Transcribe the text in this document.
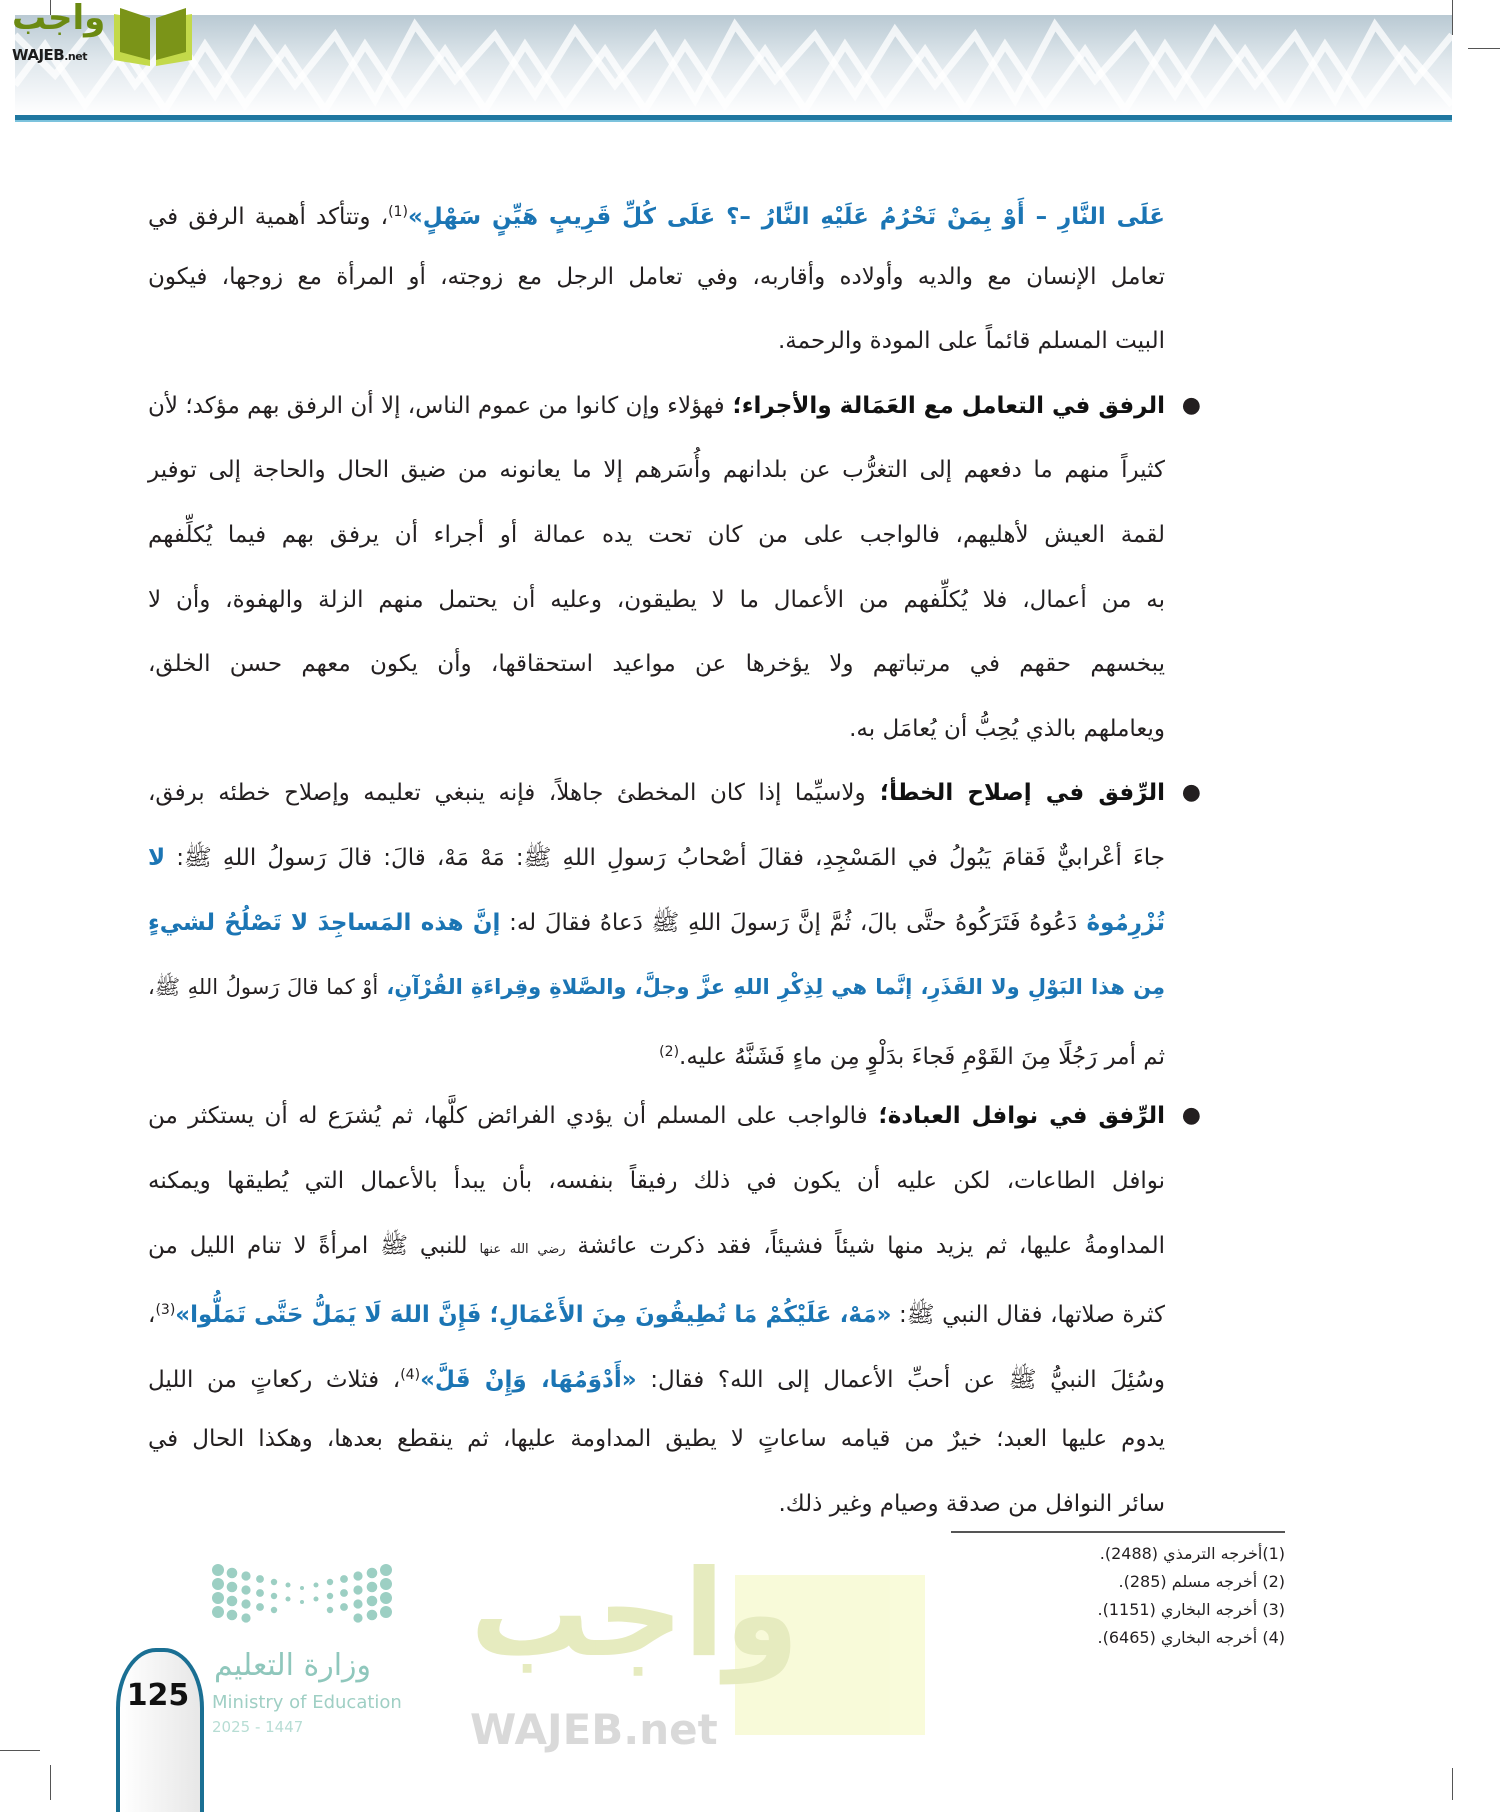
واجب
WAJEB.net
عَلَى النَّارِ – أَوْ بِمَنْ تَحْرُمُ عَلَيْهِ النَّارُ –؟ عَلَى كُلِّ قَرِيبٍ هَيِّنٍ سَهْلٍ»$^{(1)}$، وتتأكد أهمية الرفق في
تعامل الإنسان مع والديه وأولاده وأقاربه، وفي تعامل الرجل مع زوجته، أو المرأة مع زوجها، فيكون
البيت المسلم قائماً على المودة والرحمة.
●
الرفق في التعامل مع العَمَالة والأجراء؛ فهؤلاء وإن كانوا من عموم الناس، إلا أن الرفق بهم مؤكد؛ لأن
كثيراً منهم ما دفعهم إلى التغرُّب عن بلدانهم وأُسَرهم إلا ما يعانونه من ضيق الحال والحاجة إلى توفير
لقمة العيش لأهليهم، فالواجب على من كان تحت يده عمالة أو أجراء أن يرفق بهم فيما يُكلِّفهم
به من أعمال، فلا يُكلِّفهم من الأعمال ما لا يطيقون، وعليه أن يحتمل منهم الزلة والهفوة، وأن لا
يبخسهم حقهم في مرتباتهم ولا يؤخرها عن مواعيد استحقاقها، وأن يكون معهم حسن الخلق،
ويعاملهم بالذي يُحِبُّ أن يُعامَل به.
●
الرِّفق في إصلاح الخطأ؛ ولاسيِّما إذا كان المخطئ جاهلاً، فإنه ينبغي تعليمه وإصلاح خطئه برفق،
جاءَ أعْرابيٌّ فَقامَ يَبُولُ في المَسْجِدِ، فقالَ أصْحابُ رَسولِ اللهِ ﷺ: مَهْ مَهْ، قالَ: قالَ رَسولُ اللهِ ﷺ: لا
تُزْرِمُوهُ دَعُوهُ فَتَرَكُوهُ حتَّى بالَ، ثُمَّ إنَّ رَسولَ اللهِ ﷺ دَعاهُ فقالَ له: إنَّ هذه المَساجِدَ لا تَصْلُحُ لشيءٍ
مِن هذا البَوْلِ ولا القَذَرِ، إنَّما هي لِذِكْرِ اللهِ عزَّ وجلَّ، والصَّلاةِ وقِراءَةِ القُرْآنِ، أوْ كما قالَ رَسولُ اللهِ ﷺ،
ثم أمر رَجُلًا مِنَ القَوْمِ فَجاءَ بدَلْوٍ مِن ماءٍ فَشَنَّهُ عليه.$^{(2)}$
●
الرِّفق في نوافل العبادة؛ فالواجب على المسلم أن يؤدي الفرائض كلَّها، ثم يُشرَع له أن يستكثر من
نوافل الطاعات، لكن عليه أن يكون في ذلك رفيقاً بنفسه، بأن يبدأ بالأعمال التي يُطيقها ويمكنه
المداومةُ عليها، ثم يزيد منها شيئاً فشيئاً، فقد ذكرت عائشة رضي الله عنها للنبي ﷺ امرأةً لا تنام الليل من
كثرة صلاتها، فقال النبي ﷺ: «مَهْ، عَلَيْكُمْ مَا تُطِيقُونَ مِنَ الأَعْمَالِ؛ فَإِنَّ اللهَ لَا يَمَلُّ حَتَّى تَمَلُّوا»$^{(3)}$،
وسُئِلَ النبيُّ ﷺ عن أحبِّ الأعمال إلى الله؟ فقال: «أَدْوَمُهَا، وَإِنْ قَلَّ»$^{(4)}$، فثلاث ركعاتٍ من الليل
يدوم عليها العبد؛ خيرٌ من قيامه ساعاتٍ لا يطيق المداومة عليها، ثم ينقطع بعدها، وهكذا الحال في
سائر النوافل من صدقة وصيام وغير ذلك.
واجب
WAJEB.net
(1)أخرجه الترمذي (2488).
(2) أخرجه مسلم (285).
(3) أخرجه البخاري (1151).
(4) أخرجه البخاري (6465).
125
وزارة التعليم
Ministry of Education
2025 - 1447
